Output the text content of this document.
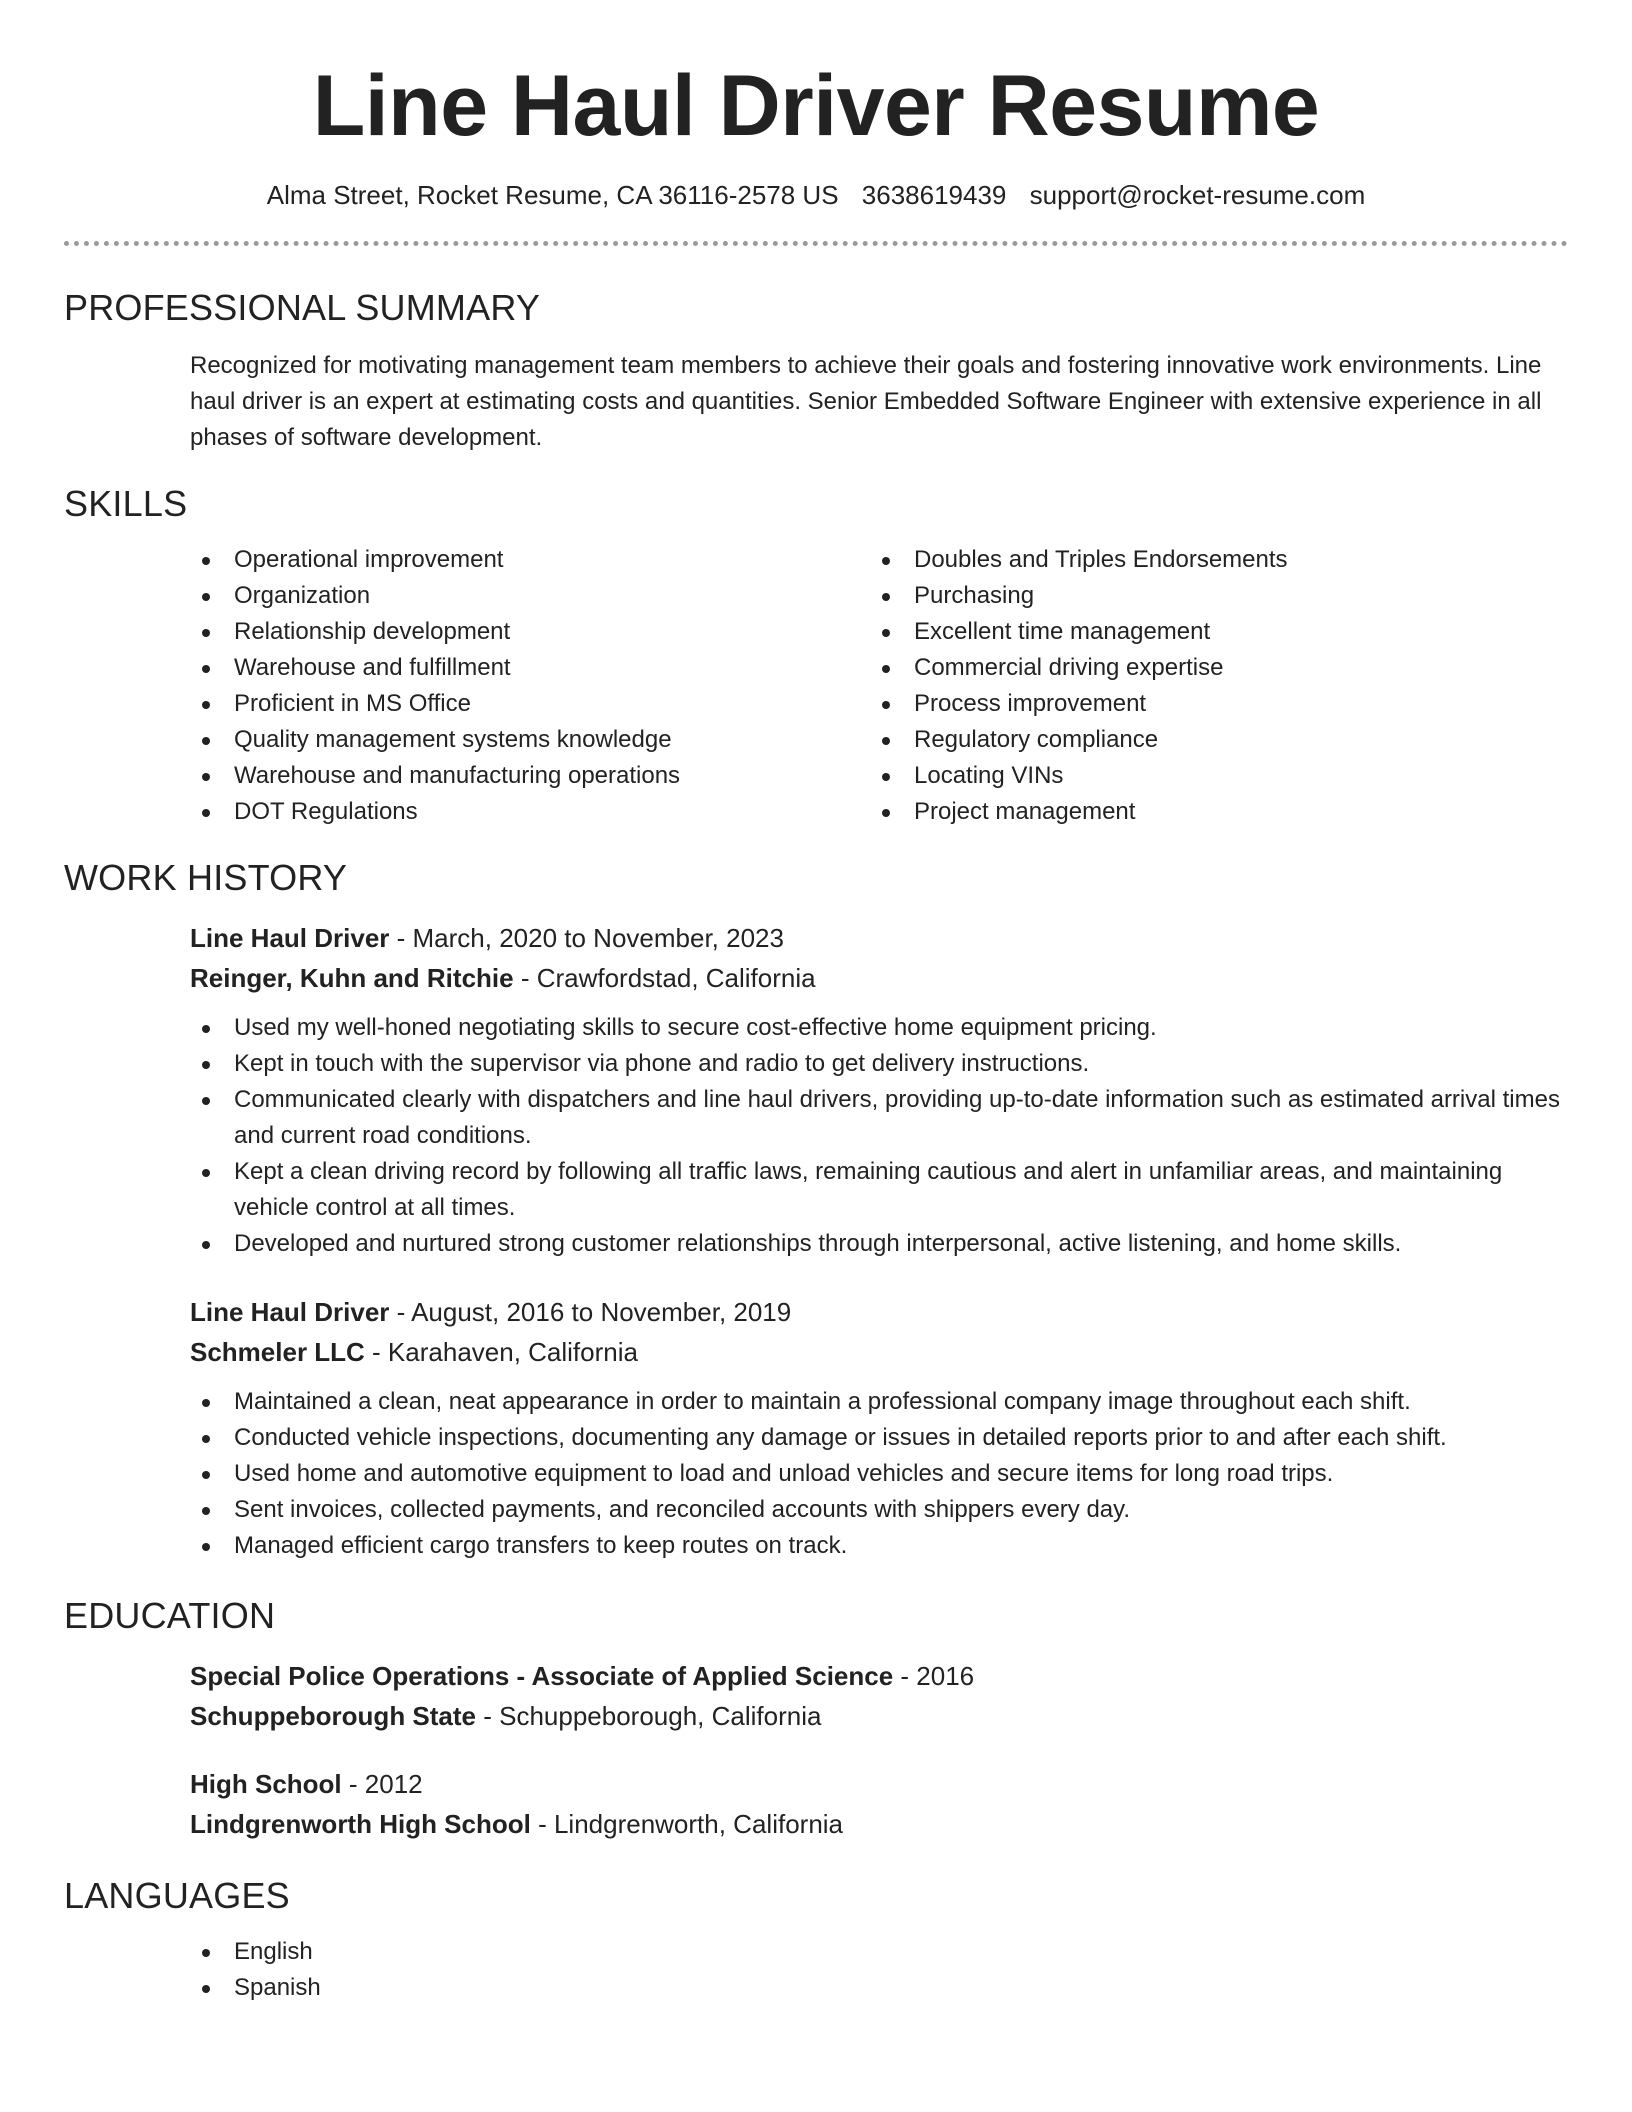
Line Haul Driver Resume
Alma Street, Rocket Resume, CA 36116-2578 US 3638619439 support@rocket-resume.com
PROFESSIONAL SUMMARY
Recognized for motivating management team members to achieve their goals and fostering innovative work environments. Line haul driver is an expert at estimating costs and quantities. Senior Embedded Software Engineer with extensive experience in all phases of software development.
SKILLS
Operational improvement
Organization
Relationship development
Warehouse and fulfillment
Proficient in MS Office
Quality management systems knowledge
Warehouse and manufacturing operations
DOT Regulations
Doubles and Triples Endorsements
Purchasing
Excellent time management
Commercial driving expertise
Process improvement
Regulatory compliance
Locating VINs
Project management
WORK HISTORY
Line Haul Driver - March, 2020 to November, 2023
Reinger, Kuhn and Ritchie - Crawfordstad, California
Used my well-honed negotiating skills to secure cost-effective home equipment pricing.
Kept in touch with the supervisor via phone and radio to get delivery instructions.
Communicated clearly with dispatchers and line haul drivers, providing up-to-date information such as estimated arrival times and current road conditions.
Kept a clean driving record by following all traffic laws, remaining cautious and alert in unfamiliar areas, and maintaining vehicle control at all times.
Developed and nurtured strong customer relationships through interpersonal, active listening, and home skills.
Line Haul Driver - August, 2016 to November, 2019
Schmeler LLC - Karahaven, California
Maintained a clean, neat appearance in order to maintain a professional company image throughout each shift.
Conducted vehicle inspections, documenting any damage or issues in detailed reports prior to and after each shift.
Used home and automotive equipment to load and unload vehicles and secure items for long road trips.
Sent invoices, collected payments, and reconciled accounts with shippers every day.
Managed efficient cargo transfers to keep routes on track.
EDUCATION
Special Police Operations - Associate of Applied Science - 2016
Schuppeborough State - Schuppeborough, California
High School - 2012
Lindgrenworth High School - Lindgrenworth, California
LANGUAGES
English
Spanish
